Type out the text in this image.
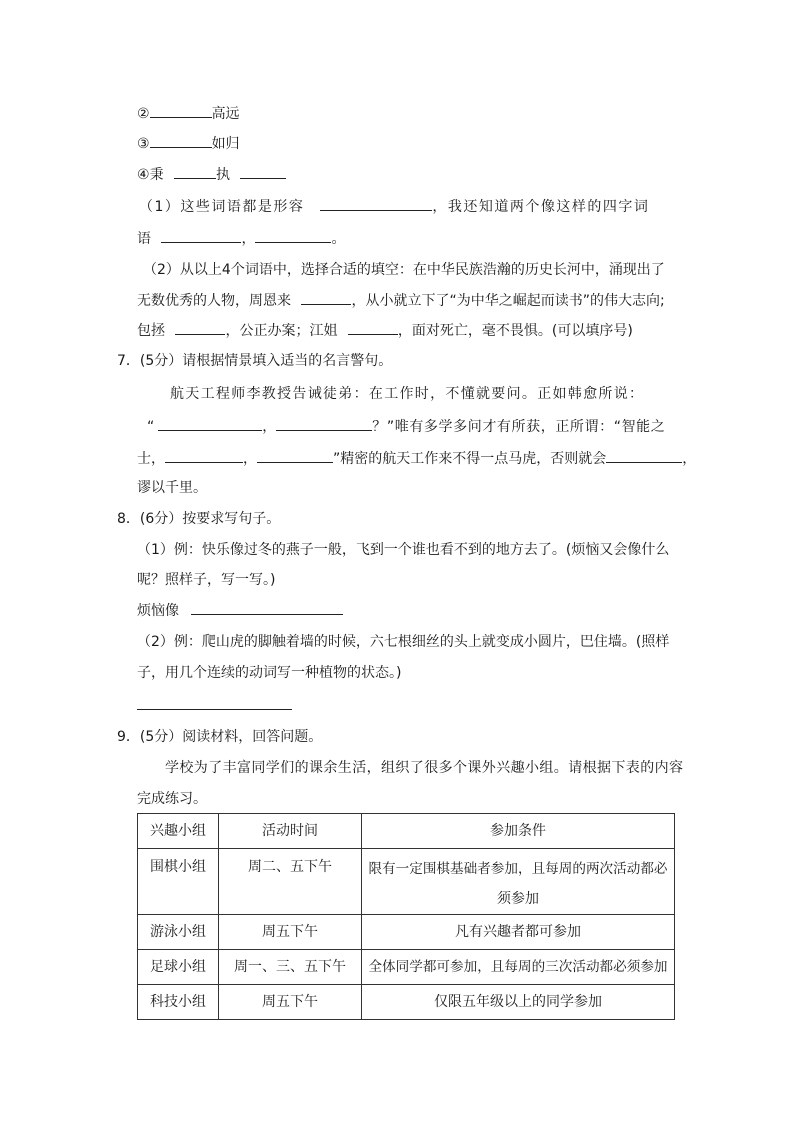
②	高远
③	如归
④秉	执
（1）这些词语都是形容	，我还知道两个像这样的四字词
语	，	。
（2）从以上4个词语中，选择合适的填空：在中华民族浩瀚的历史长河中，涌现出了
无数优秀的人物，周恩来	，从小就立下了“为中华之崛起而读书”的伟大志向;
包拯	，公正办案；江姐	，面对死亡，毫不畏惧。(可以填序号)
7．(5分）请根据情景填入适当的名言警句。
航天工程师李教授告诫徒弟：在工作时，不懂就要问。正如韩愈所说：
“	，	？”唯有多学多问才有所获，正所谓：“智能之
士，	，	”精密的航天工作来不得一点马虎，否则就会	，
谬以千里。
8．(6分）按要求写句子。
（1）例：快乐像过冬的燕子一般，飞到一个谁也看不到的地方去了。(烦恼又会像什么
呢？照样子，写一写。)
烦恼像
（2）例：爬山虎的脚触着墙的时候，六七根细丝的头上就变成小圆片，巴住墙。(照样
子，用几个连续的动词写一种植物的状态。)
9．(5分）阅读材料，回答问题。
学校为了丰富同学们的课余生活，组织了很多个课外兴趣小组。请根据下表的内容
完成练习。
兴趣小组	活动时间	参加条件
围棋小组	周二、五下午	限有一定围棋基础者参加，且每周的两次活动都必
须参加

游泳小组	周五下午	凡有兴趣者都可参加
足球小组	周一、三、五下午	全体同学都可参加，且每周的三次活动都必须参加
科技小组	周五下午	仅限五年级以上的同学参加
